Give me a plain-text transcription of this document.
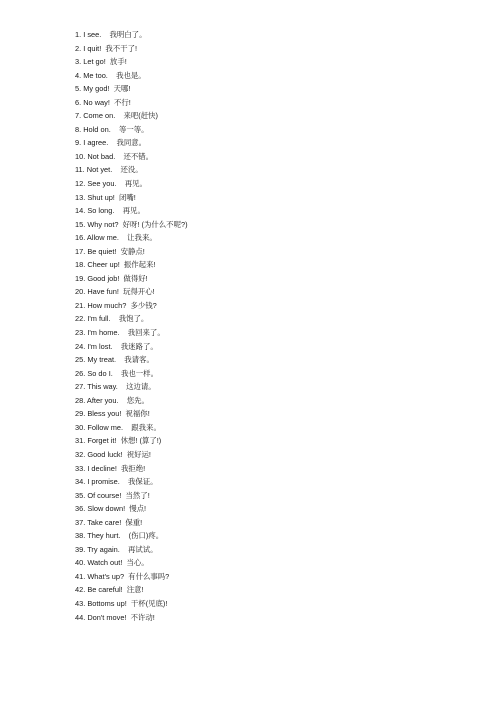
1. I see.    我明白了。
2. I quit!  我不干了!
3. Let go!  放手!
4. Me too.    我也是。
5. My god!  天哪!
6. No way!  不行!
7. Come on.    来吧(赶快)
8. Hold on.    等一等。
9. I agree.    我同意。
10. Not bad.    还不错。
11. Not yet.    还没。
12. See you.    再见。
13. Shut up!  闭嘴!
14. So long.    再见。
15. Why not?  好呀! (为什么不呢?)
16. Allow me.    让我来。
17. Be quiet!  安静点!
18. Cheer up!  振作起来!
19. Good job!  做得好!
20. Have fun!  玩得开心!
21. How much?  多少钱?
22. I'm full.    我饱了。
23. I'm home.    我回来了。
24. I'm lost.    我迷路了。
25. My treat.    我请客。
26. So do I.    我也一样。
27. This way.    这边请。
28. After you.    您先。
29. Bless you!  祝福你!
30. Follow me.    跟我来。
31. Forget it!  休想! (算了!)
32. Good luck!  祝好运!
33. I decline!  我拒绝!
34. I promise.    我保证。
35. Of course!  当然了!
36. Slow down!  慢点!
37. Take care!  保重!
38. They hurt.    (伤口)疼。
39. Try again.    再试试。
40. Watch out!  当心。
41. What's up?  有什么事吗?
42. Be careful!  注意!
43. Bottoms up!  干杯(见底)!
44. Don't move!  不许动!
